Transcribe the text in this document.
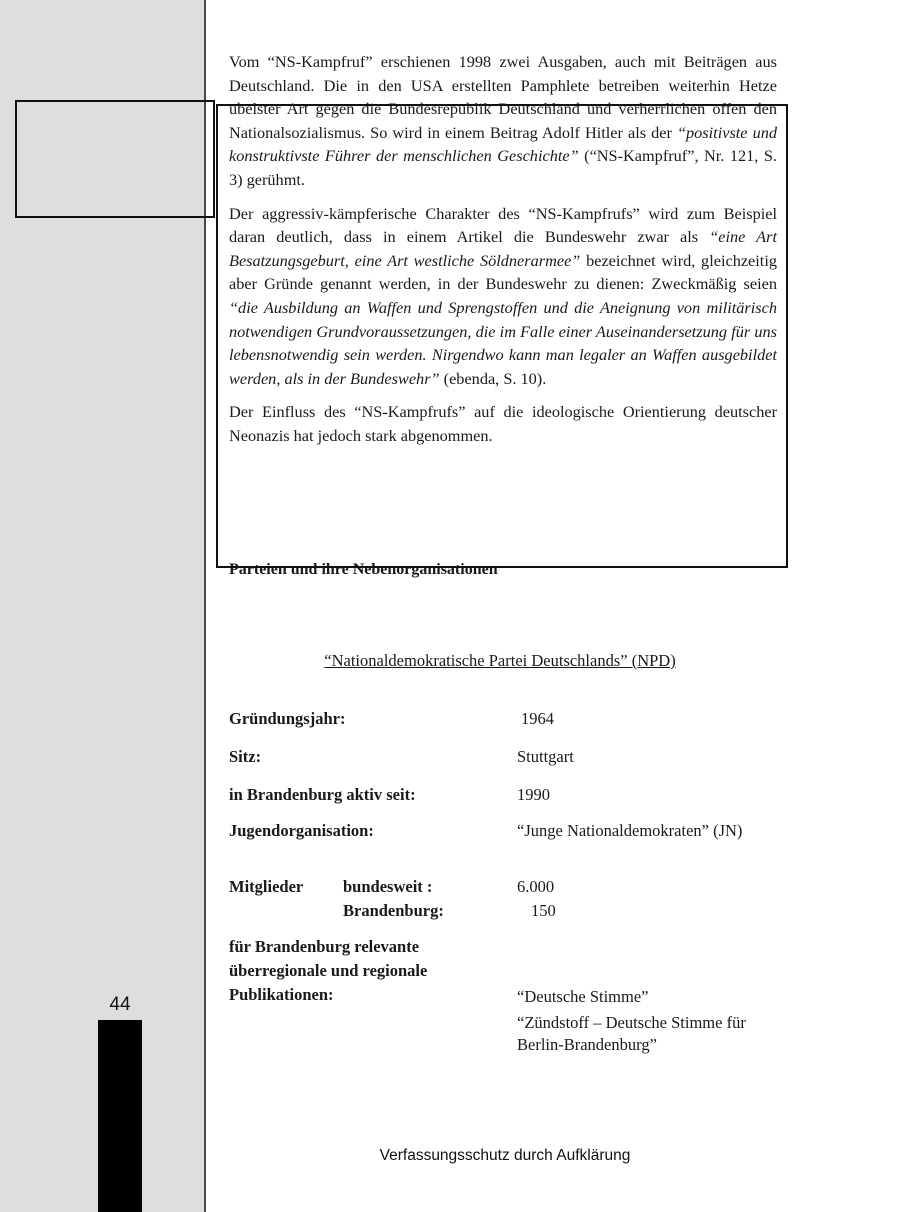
44

Vom “NS-Kampfruf” erschienen 1998 zwei Ausgaben, auch mit Beiträgen aus Deutschland. Die in den USA erstellten Pamphlete betreiben weiterhin Hetze übelster Art gegen die Bundesrepublik Deutschland und verherrlichen offen den Nationalsozialismus. So wird in einem Beitrag Adolf Hitler als der “positivste und konstruktivste Führer der menschlichen Geschichte” (“NS-Kampfruf”, Nr. 121, S. 3) gerühmt.

Der aggressiv-kämpferische Charakter des “NS-Kampfrufs” wird zum Beispiel daran deutlich, dass in einem Artikel die Bundeswehr zwar als “eine Art Besatzungsgeburt, eine Art westliche Söldnerarmee” bezeichnet wird, gleichzeitig aber Gründe genannt werden, in der Bundeswehr zu dienen: Zweckmäßig seien “die Ausbildung an Waffen und Sprengstoffen und die Aneignung von militärisch notwendigen Grundvoraussetzungen, die im Falle einer Auseinandersetzung für uns lebensnotwendig sein werden. Nirgendwo kann man legaler an Waffen ausgebildet werden, als in der Bundeswehr” (ebenda, S. 10).

Der Einfluss des “NS-Kampfrufs” auf die ideologische Orientierung deutscher Neonazis hat jedoch stark abgenommen.

Parteien und ihre Nebenorganisationen
“Nationaldemokratische Partei Deutschlands” (NPD)
Gründungsjahr:	1964
Sitz:	Stuttgart
in Brandenburg aktiv seit:	1990
Jugendorganisation:	“Junge Nationaldemokraten” (JN)
Mitglieder bundesweit :	6.000
Brandenburg:	150
für Brandenburg relevante
überregionale und regionale
Publikationen:	“Deutsche Stimme”
“Zündstoff – Deutsche Stimme für Berlin-Brandenburg”
Verfassungsschutz durch Aufklärung
